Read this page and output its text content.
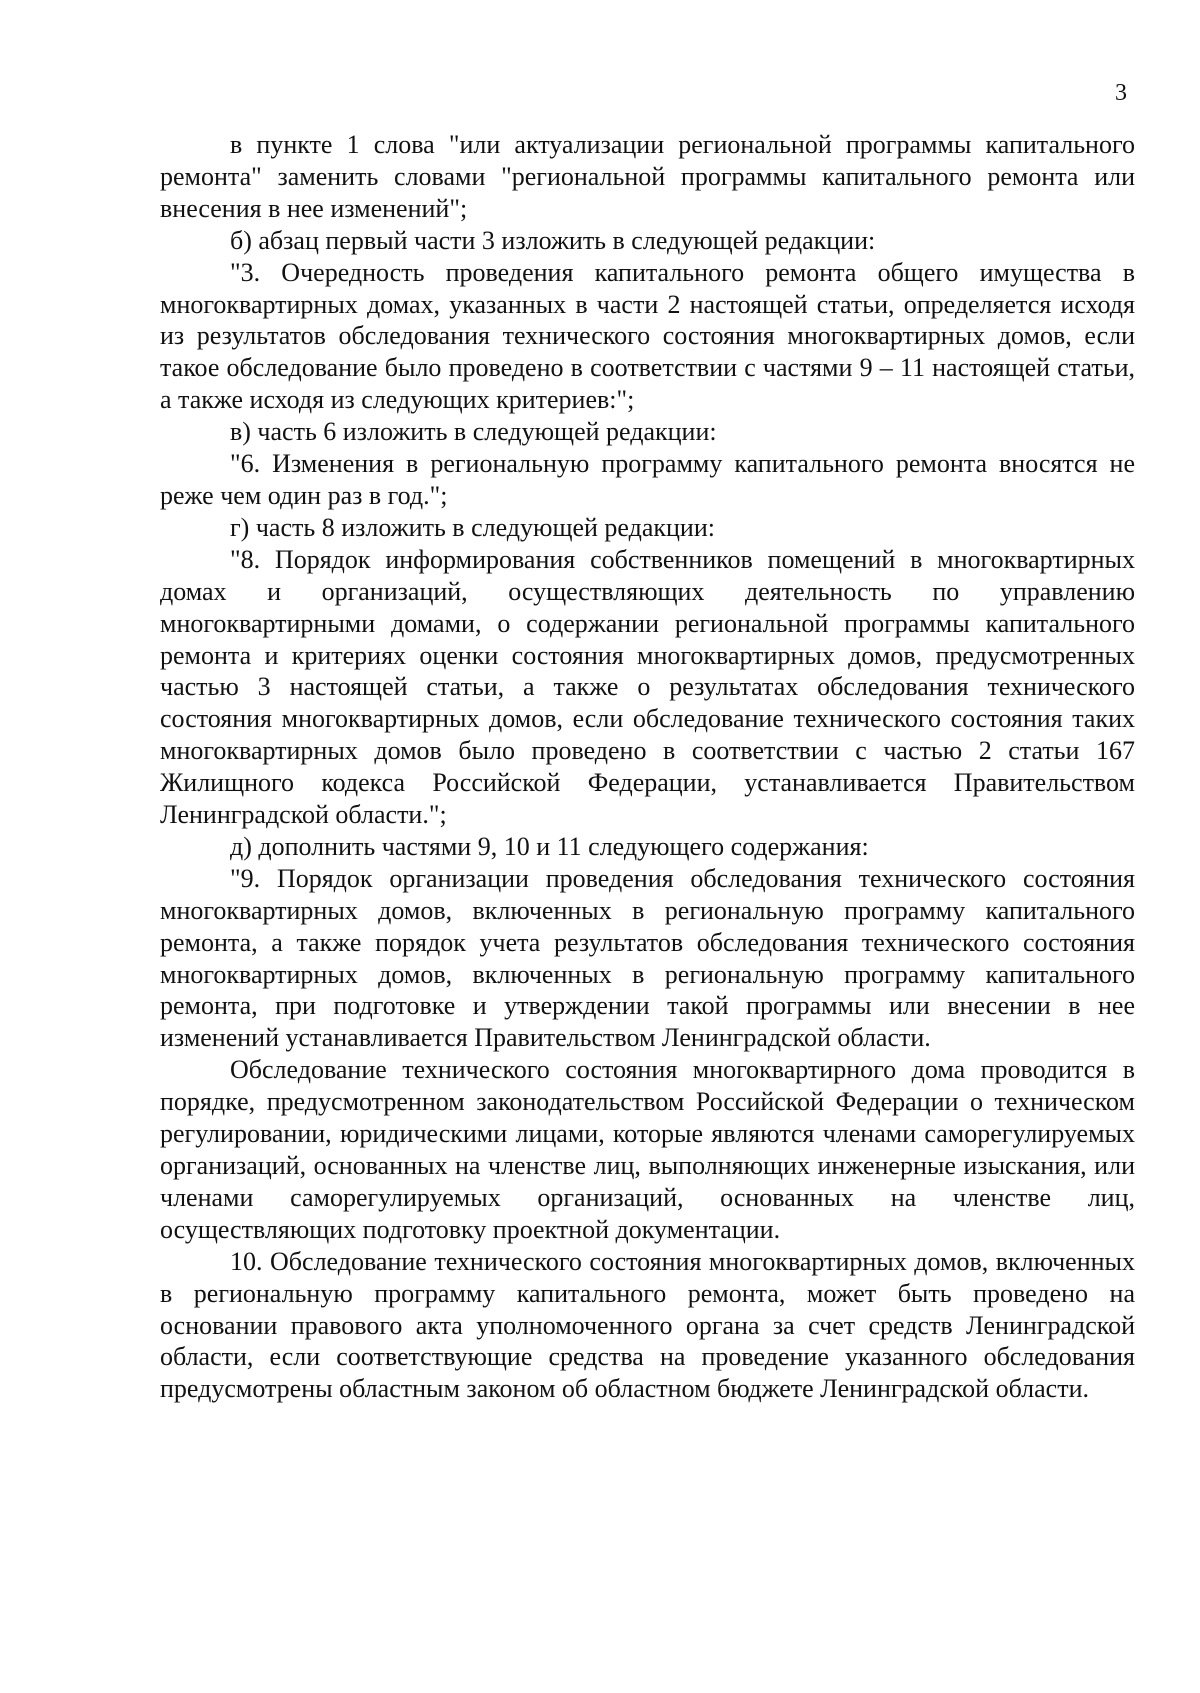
3

в пункте 1 слова "или актуализации региональной программы капитального ремонта" заменить словами "региональной программы капитального ремонта или внесения в нее изменений";

б) абзац первый части 3 изложить в следующей редакции:

"3. Очередность проведения капитального ремонта общего имущества в многоквартирных домах, указанных в части 2 настоящей статьи, определяется исходя из результатов обследования технического состояния многоквартирных домов, если такое обследование было проведено в соответствии с частями 9 – 11 настоящей статьи, а также исходя из следующих критериев:";

в) часть 6 изложить в следующей редакции:

"6. Изменения в региональную программу капитального ремонта вносятся не реже чем один раз в год.";

г) часть 8 изложить в следующей редакции:

"8. Порядок информирования собственников помещений в многоквартирных домах и организаций, осуществляющих деятельность по управлению многоквартирными домами, о содержании региональной программы капитального ремонта и критериях оценки состояния многоквартирных домов, предусмотренных частью 3 настоящей статьи, а также о результатах обследования технического состояния многоквартирных домов, если обследование технического состояния таких многоквартирных домов было проведено в соответствии с частью 2 статьи 167 Жилищного кодекса Российской Федерации, устанавливается Правительством Ленинградской области.";

д) дополнить частями 9, 10 и 11 следующего содержания:

"9. Порядок организации проведения обследования технического состояния многоквартирных домов, включенных в региональную программу капитального ремонта, а также порядок учета результатов обследования технического состояния многоквартирных домов, включенных в региональную программу капитального ремонта, при подготовке и утверждении такой программы или внесении в нее изменений устанавливается Правительством Ленинградской области.

Обследование технического состояния многоквартирного дома проводится в порядке, предусмотренном законодательством Российской Федерации о техническом регулировании, юридическими лицами, которые являются членами саморегулируемых организаций, основанных на членстве лиц, выполняющих инженерные изыскания, или членами саморегулируемых организаций, основанных на членстве лиц, осуществляющих подготовку проектной документации.

10. Обследование технического состояния многоквартирных домов, включенных в региональную программу капитального ремонта, может быть проведено на основании правового акта уполномоченного органа за счет средств Ленинградской области, если соответствующие средства на проведение указанного обследования предусмотрены областным законом об областном бюджете Ленинградской области.
